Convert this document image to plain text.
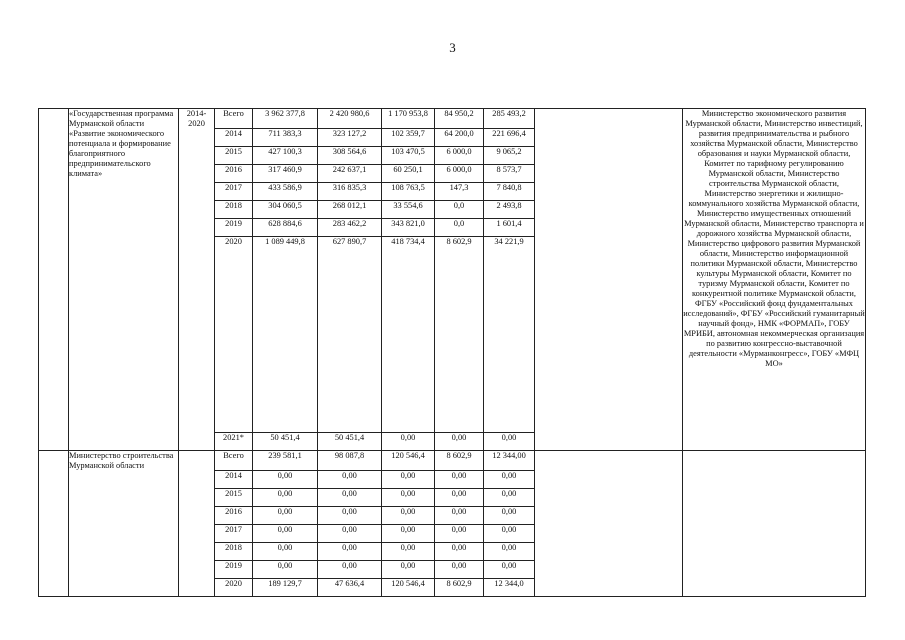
3
	«Государственная программа Мурманской области «Развитие экономического потенциала и формирование благоприятного предпринимательского климата»	2014-2020	Всего	3 962 377,8	2 420 980,6	1 170 953,8	84 950,2	285 493,2		Министерство экономического развития Мурманской области, Министерство инвестиций, развития предпринимательства и рыбного хозяйства Мурманской области, Министерство образования и науки Мурманской области, Комитет по тарифному регулированию Мурманской области, Министерство строительства Мурманской области, Министерство энергетики и жилищно-коммунального хозяйства Мурманской области, Министерство имущественных отношений Мурманской области, Министерство транспорта и дорожного хозяйства Мурманской области, Министерство цифрового развития Мурманской области, Министерство информационной политики Мурманской области, Министерство культуры Мурманской области, Комитет по туризму Мурманской области, Комитет по конкурентной политике Мурманской области, ФГБУ «Российский фонд фундаментальных исследований», ФГБУ «Российский гуманитарный научный фонд», НМК «ФОРМАП», ГОБУ МРИБИ, автономная некоммерческая организация по развитию конгрессно-выставочной деятельности «Мурманконгресс», ГОБУ «МФЦ МО»
			2014	711 383,3	323 127,2	102 359,7	64 200,0	221 696,4		
			2015	427 100,3	308 564,6	103 470,5	6 000,0	9 065,2		
			2016	317 460,9	242 637,1	60 250,1	6 000,0	8 573,7		
			2017	433 586,9	316 835,3	108 763,5	147,3	7 840,8		
			2018	304 060,5	268 012,1	33 554,6	0,0	2 493,8		
			2019	628 884,6	283 462,2	343 821,0	0,0	1 601,4		
			2020	1 089 449,8	627 890,7	418 734,4	8 602,9	34 221,9		
			2021*	50 451,4	50 451,4	0,00	0,00	0,00		
	Министерство строительства Мурманской области		Всего	239 581,1	98 087,8	120 546,4	8 602,9	12 344,00		
			2014	0,00	0,00	0,00	0,00	0,00		
			2015	0,00	0,00	0,00	0,00	0,00		
			2016	0,00	0,00	0,00	0,00	0,00		
			2017	0,00	0,00	0,00	0,00	0,00		
			2018	0,00	0,00	0,00	0,00	0,00		
			2019	0,00	0,00	0,00	0,00	0,00		
			2020	189 129,7	47 636,4	120 546,4	8 602,9	12 344,0		
